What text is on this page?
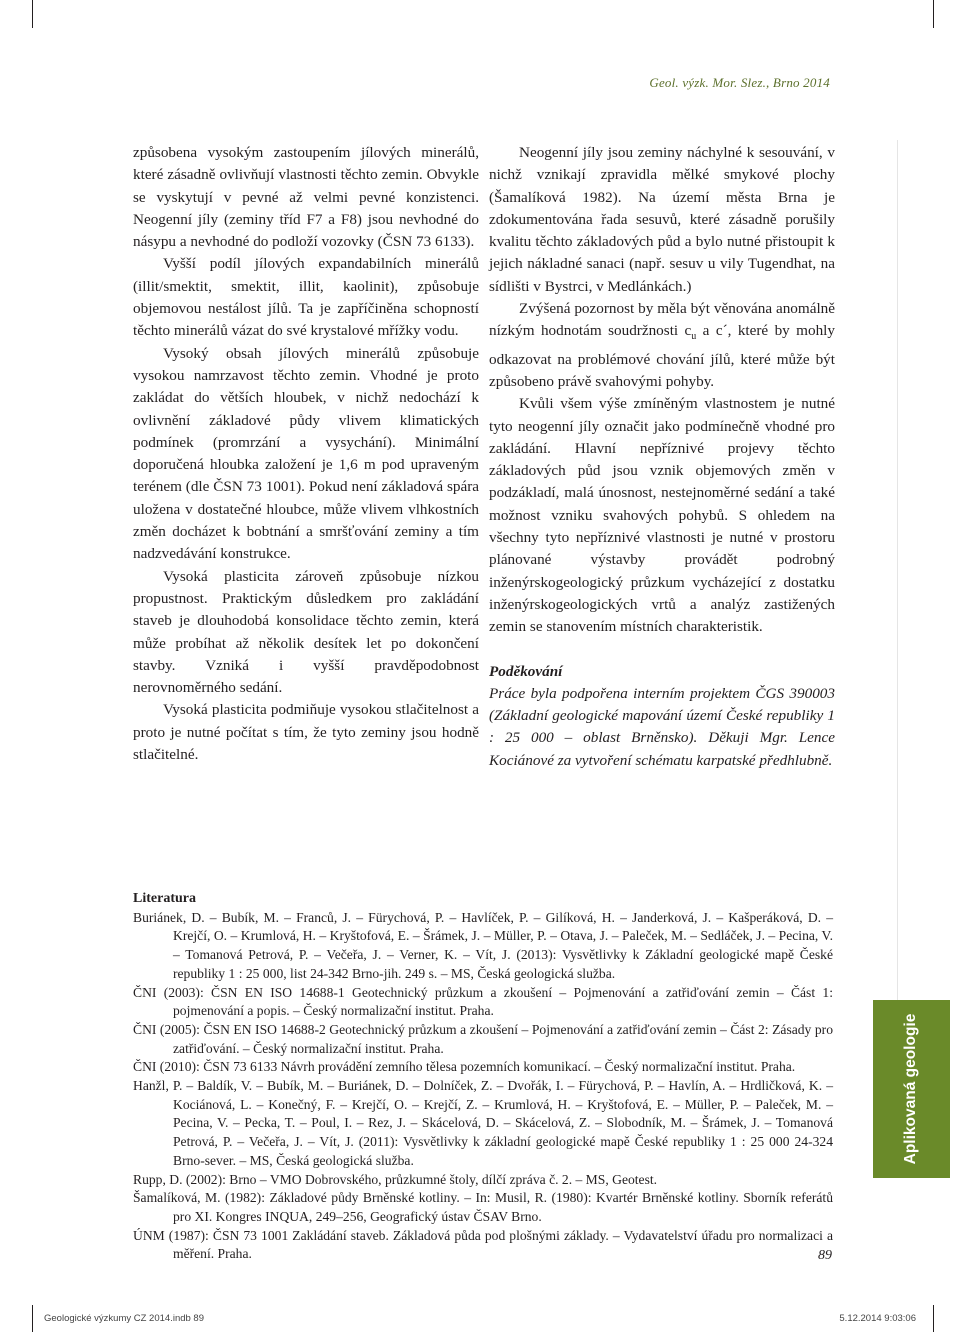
Geol. výzk. Mor. Slez., Brno 2014

způsobena vysokým zastoupením jílových minerálů, které zásadně ovlivňují vlastnosti těchto zemin. Obvykle se vyskytují v pevné až velmi pevné konzistenci. Neogenní jíly (zeminy tříd F7 a F8) jsou nevhodné do násypu a nevhodné do podloží vozovky (ČSN 73 6133).

Vyšší podíl jílových expandabilních minerálů (illit/smektit, smektit, illit, kaolinit), způsobuje objemovou nestálost jílů. Ta je zapříčiněna schopností těchto minerálů vázat do své krystalové mřížky vodu.

Vysoký obsah jílových minerálů způsobuje vysokou namrzavost těchto zemin. Vhodné je proto zakládat do větších hloubek, v nichž nedochází k ovlivnění základové půdy vlivem klimatických podmínek (promrzání a vysychání). Minimální doporučená hloubka založení je 1,6 m pod upraveným terénem (dle ČSN 73 1001). Pokud není základová spára uložena v dostatečné hloubce, může vlivem vlhkostních změn docházet k bobtnání a smršťování zeminy a tím nadzvedávání konstrukce.

Vysoká plasticita zároveň způsobuje nízkou propustnost. Praktickým důsledkem pro zakládání staveb je dlouhodobá konsolidace těchto zemin, která může probíhat až několik desítek let po dokončení stavby. Vzniká i vyšší pravděpodobnost nerovnoměrného sedání.

Vysoká plasticita podmiňuje vysokou stlačitelnost a proto je nutné počítat s tím, že tyto zeminy jsou hodně stlačitelné.

Neogenní jíly jsou zeminy náchylné k sesouvání, v nichž vznikají zpravidla mělké smykové plochy (Šamalíková 1982). Na území města Brna je zdokumentována řada sesuvů, které zásadně porušily kvalitu těchto základových půd a bylo nutné přistoupit k jejich nákladné sanaci (např. sesuv u vily Tugendhat, na sídlišti v Bystrci, v Medlánkách.)

Zvýšená pozornost by měla být věnována anomálně nízkým hodnotám soudržnosti $c_u$ a c´, které by mohly odkazovat na problémové chování jílů, které může být způsobeno právě svahovými pohyby.

Kvůli všem výše zmíněným vlastnostem je nutné tyto neogenní jíly označit jako podmínečně vhodné pro zakládání. Hlavní nepříznivé projevy těchto základových půd jsou vznik objemových změn v podzákladí, malá únosnost, nestejnoměrné sedání a také možnost vzniku svahových pohybů. S ohledem na všechny tyto nepříznivé vlastnosti je nutné v prostoru plánované výstavby provádět podrobný inženýrskogeologický průzkum vycházející z dostatku inženýrskogeologických vrtů a analýz zastižených zemin se stanovením místních charakteristik.

Poděkování

Práce byla podpořena interním projektem ČGS 390003 (Základní geologické mapování území České republiky 1 : 25 000 – oblast Brněnsko). Děkuji Mgr. Lence Kociánové za vytvoření schématu karpatské předhlubně.

Literatura

Buriánek, D. – Bubík, M. – Franců, J. – Fürychová, P. – Havlíček, P. – Gilíková, H. – Janderková, J. – Kašperáková, D. – Krejčí, O. – Krumlová, H. – Kryštofová, E. – Šrámek, J. – Müller, P. – Otava, J. – Paleček, M. – Sedláček, J. – Pecina, V. – Tomanová Petrová, P. – Večeřa, J. – Verner, K. – Vít, J. (2013): Vysvětlivky k Základní geologické mapě České republiky 1 : 25 000, list 24-342 Brno-jih. 249 s. – MS, Česká geologická služba.

ČNI (2003): ČSN EN ISO 14688-1 Geotechnický průzkum a zkoušení – Pojmenování a zatřiďování zemin – Část 1: pojmenování a popis. – Český normalizační institut. Praha.

ČNI (2005): ČSN EN ISO 14688-2 Geotechnický průzkum a zkoušení – Pojmenování a zatřiďování zemin – Část 2: Zásady pro zatřiďování. – Český normalizační institut. Praha.

ČNI (2010): ČSN 73 6133 Návrh provádění zemního tělesa pozemních komunikací. – Český normalizační institut. Praha.

Hanžl, P. – Baldík, V. – Bubík, M. – Buriánek, D. – Dolníček, Z. – Dvořák, I. – Fürychová, P. – Havlín, A. – Hrdličková, K. – Kociánová, L. – Konečný, F. – Krejčí, O. – Krejčí, Z. – Krumlová, H. – Kryštofová, E. – Müller, P. – Paleček, M. – Pecina, V. – Pecka, T. – Poul, I. – Rez, J. – Skácelová, D. – Skácelová, Z. – Slobodník, M. – Šrámek, J. – Tomanová Petrová, P. – Večeřa, J. – Vít, J. (2011): Vysvětlivky k základní geologické mapě České republiky 1 : 25 000 24-324 Brno-sever. – MS, Česká geologická služba.

Rupp, D. (2002): Brno – VMO Dobrovského, průzkumné štoly, dílčí zpráva č. 2. – MS, Geotest.

Šamalíková, M. (1982): Základové půdy Brněnské kotliny. – In: Musil, R. (1980): Kvartér Brněnské kotliny. Sborník referátů pro XI. Kongres INQUA, 249–256, Geografický ústav ČSAV Brno.

ÚNM (1987): ČSN 73 1001 Zakládání staveb. Základová půda pod plošnými základy. – Vydavatelství úřadu pro normalizaci a měření. Praha.

Aplikovaná geologie
89
Geologické výzkumy CZ 2014.indb 89	5.12.2014 9:03:06
